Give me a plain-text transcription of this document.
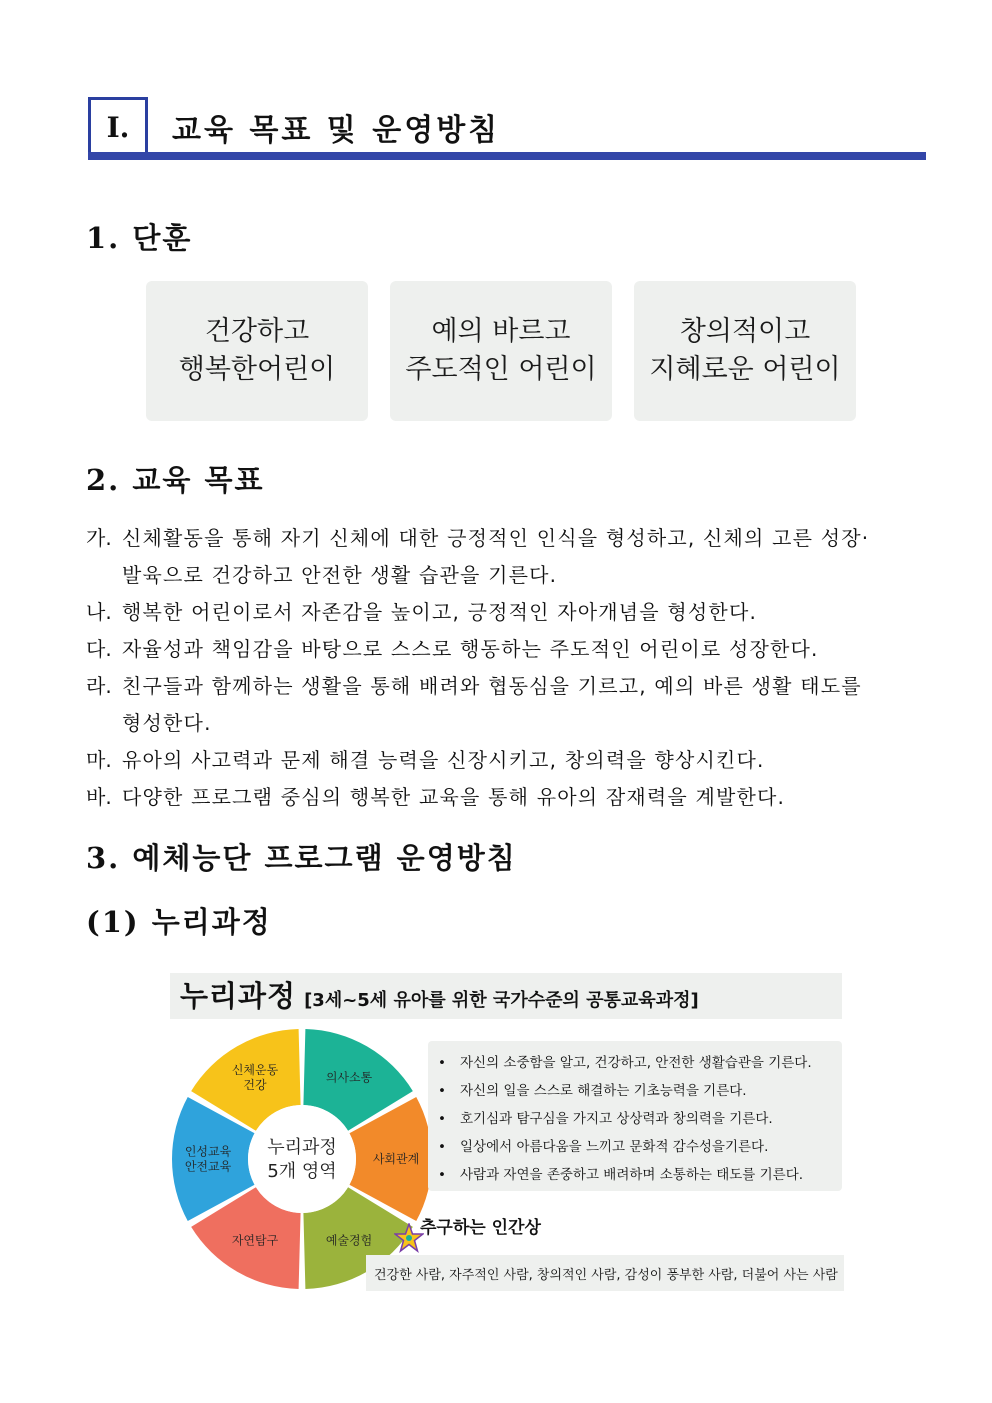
Ⅰ.	교육 목표 및 운영방침
1. 단훈
건강하고
행복한어린이
예의 바르고
주도적인 어린이
창의적이고
지혜로운 어린이
2. 교육 목표
가. 신체활동을 통해 자기 신체에 대한 긍정적인 인식을 형성하고, 신체의 고른 성장·
발육으로 건강하고 안전한 생활 습관을 기른다.
나. 행복한 어린이로서 자존감을 높이고, 긍정적인 자아개념을 형성한다.
다. 자율성과 책임감을 바탕으로 스스로 행동하는 주도적인 어린이로 성장한다.
라. 친구들과 함께하는 생활을 통해 배려와 협동심을 기르고, 예의 바른 생활 태도를
형성한다.
마. 유아의 사고력과 문제 해결 능력을 신장시키고, 창의력을 향상시킨다.
바. 다양한 프로그램 중심의 행복한 교육을 통해 유아의 잠재력을 계발한다.
3. 예체능단 프로그램 운영방침
(1) 누리과정
누리과정 [3세~5세 유아를 위한 국가수준의 공통교육과정]
의사소통
사회관계
예술경험
자연탐구
인성교육
안전교육
신체운동
건강
누리과정
5개 영역
• 자신의 소중함을 알고, 건강하고, 안전한 생활습관을 기른다.
• 자신의 일을 스스로 해결하는 기초능력을 기른다.
• 호기심과 탐구심을 가지고 상상력과 창의력을 기른다.
• 일상에서 아름다움을 느끼고 문화적 감수성을기른다.
• 사람과 자연을 존중하고 배려하며 소통하는 태도를 기른다.
추구하는 인간상
건강한 사람, 자주적인 사람, 창의적인 사람, 감성이 풍부한 사람, 더불어 사는 사람
